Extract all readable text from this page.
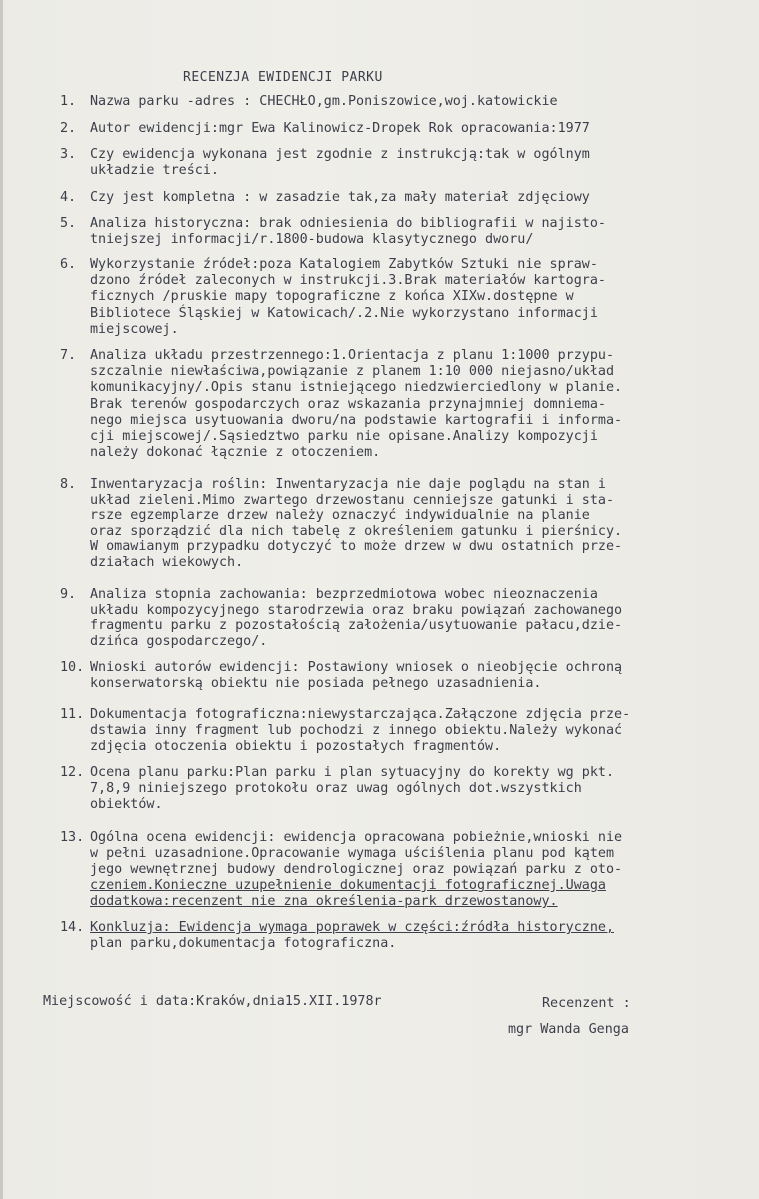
RECENZJA EWIDENCJI PARKU
1.	Nazwa parku -adres : CHECHŁO,gm.Poniszowice,woj.katowickie
2.	Autor ewidencji:mgr Ewa Kalinowicz-Dropek Rok opracowania:1977
3.	Czy ewidencja wykonana jest zgodnie z instrukcją:tak w ogólnym
układzie treści.
4.	Czy jest kompletna : w zasadzie tak,za mały materiał zdjęciowy
5.	Analiza historyczna: brak odniesienia do bibliografii w najisto-
tniejszej informacji/r.1800-budowa klasytycznego dworu/
6.	Wykorzystanie źródeł:poza Katalogiem Zabytków Sztuki nie spraw-
dzono źródeł zaleconych w instrukcji.3.Brak materiałów kartogra-
ficznych /pruskie mapy topograficzne z końca XIXw.dostępne w
Bibliotece Śląskiej w Katowicach/.2.Nie wykorzystano informacji
miejscowej.
7.	Analiza układu przestrzennego:1.Orientacja z planu 1:1000 przypu-
szczalnie niewłaściwa,powiązanie z planem 1:10 000 niejasno/układ
komunikacyjny/.Opis stanu istniejącego niedzwierciedlony w planie.
Brak terenów gospodarczych oraz wskazania przynajmniej domniema-
nego miejsca usytuowania dworu/na podstawie kartografii i informa-
cji miejscowej/.Sąsiedztwo parku nie opisane.Analizy kompozycji
należy dokonać łącznie z otoczeniem.
8.	Inwentaryzacja roślin: Inwentaryzacja nie daje poglądu na stan i
układ zieleni.Mimo zwartego drzewostanu cenniejsze gatunki i sta-
rsze egzemplarze drzew należy oznaczyć indywidualnie na planie
oraz sporządzić dla nich tabelę z określeniem gatunku i pierśnicy.
W omawianym przypadku dotyczyć to może drzew w dwu ostatnich prze-
działach wiekowych.
9.	Analiza stopnia zachowania: bezprzedmiotowa wobec nieoznaczenia
układu kompozycyjnego starodrzewia oraz braku powiązań zachowanego
fragmentu parku z pozostałością założenia/usytuowanie pałacu,dzie-
dzińca gospodarczego/.
10. Wnioski autorów ewidencji: Postawiony wniosek o nieobjęcie ochroną
konserwatorską obiektu nie posiada pełnego uzasadnienia.
11. Dokumentacja fotograficzna:niewystarczająca.Załączone zdjęcia prze-
dstawia inny fragment lub pochodzi z innego obiektu.Należy wykonać
zdjęcia otoczenia obiektu i pozostałych fragmentów.
12. Ocena planu parku:Plan parku i plan sytuacyjny do korekty wg pkt.
7,8,9 niniejszego protokołu oraz uwag ogólnych dot.wszystkich
obiektów.
13. Ogólna ocena ewidencji: ewidencja opracowana pobieżnie,wnioski nie
w pełni uzasadnione.Opracowanie wymaga uściślenia planu pod kątem
jego wewnętrznej budowy dendrologicznej oraz powiązań parku z oto-
czeniem.Konieczne uzupełnienie dokumentacji fotograficznej.Uwaga
dodatkowa:recenzent nie zna określenia-park drzewostanowy.
14. Konkluzja: Ewidencja wymaga poprawek w części:źródła historyczne,
plan parku,dokumentacja fotograficzna.
Miejscowość i data:Kraków,dnia15.XII.1978r	Recenzent :
mgr Wanda Genga
